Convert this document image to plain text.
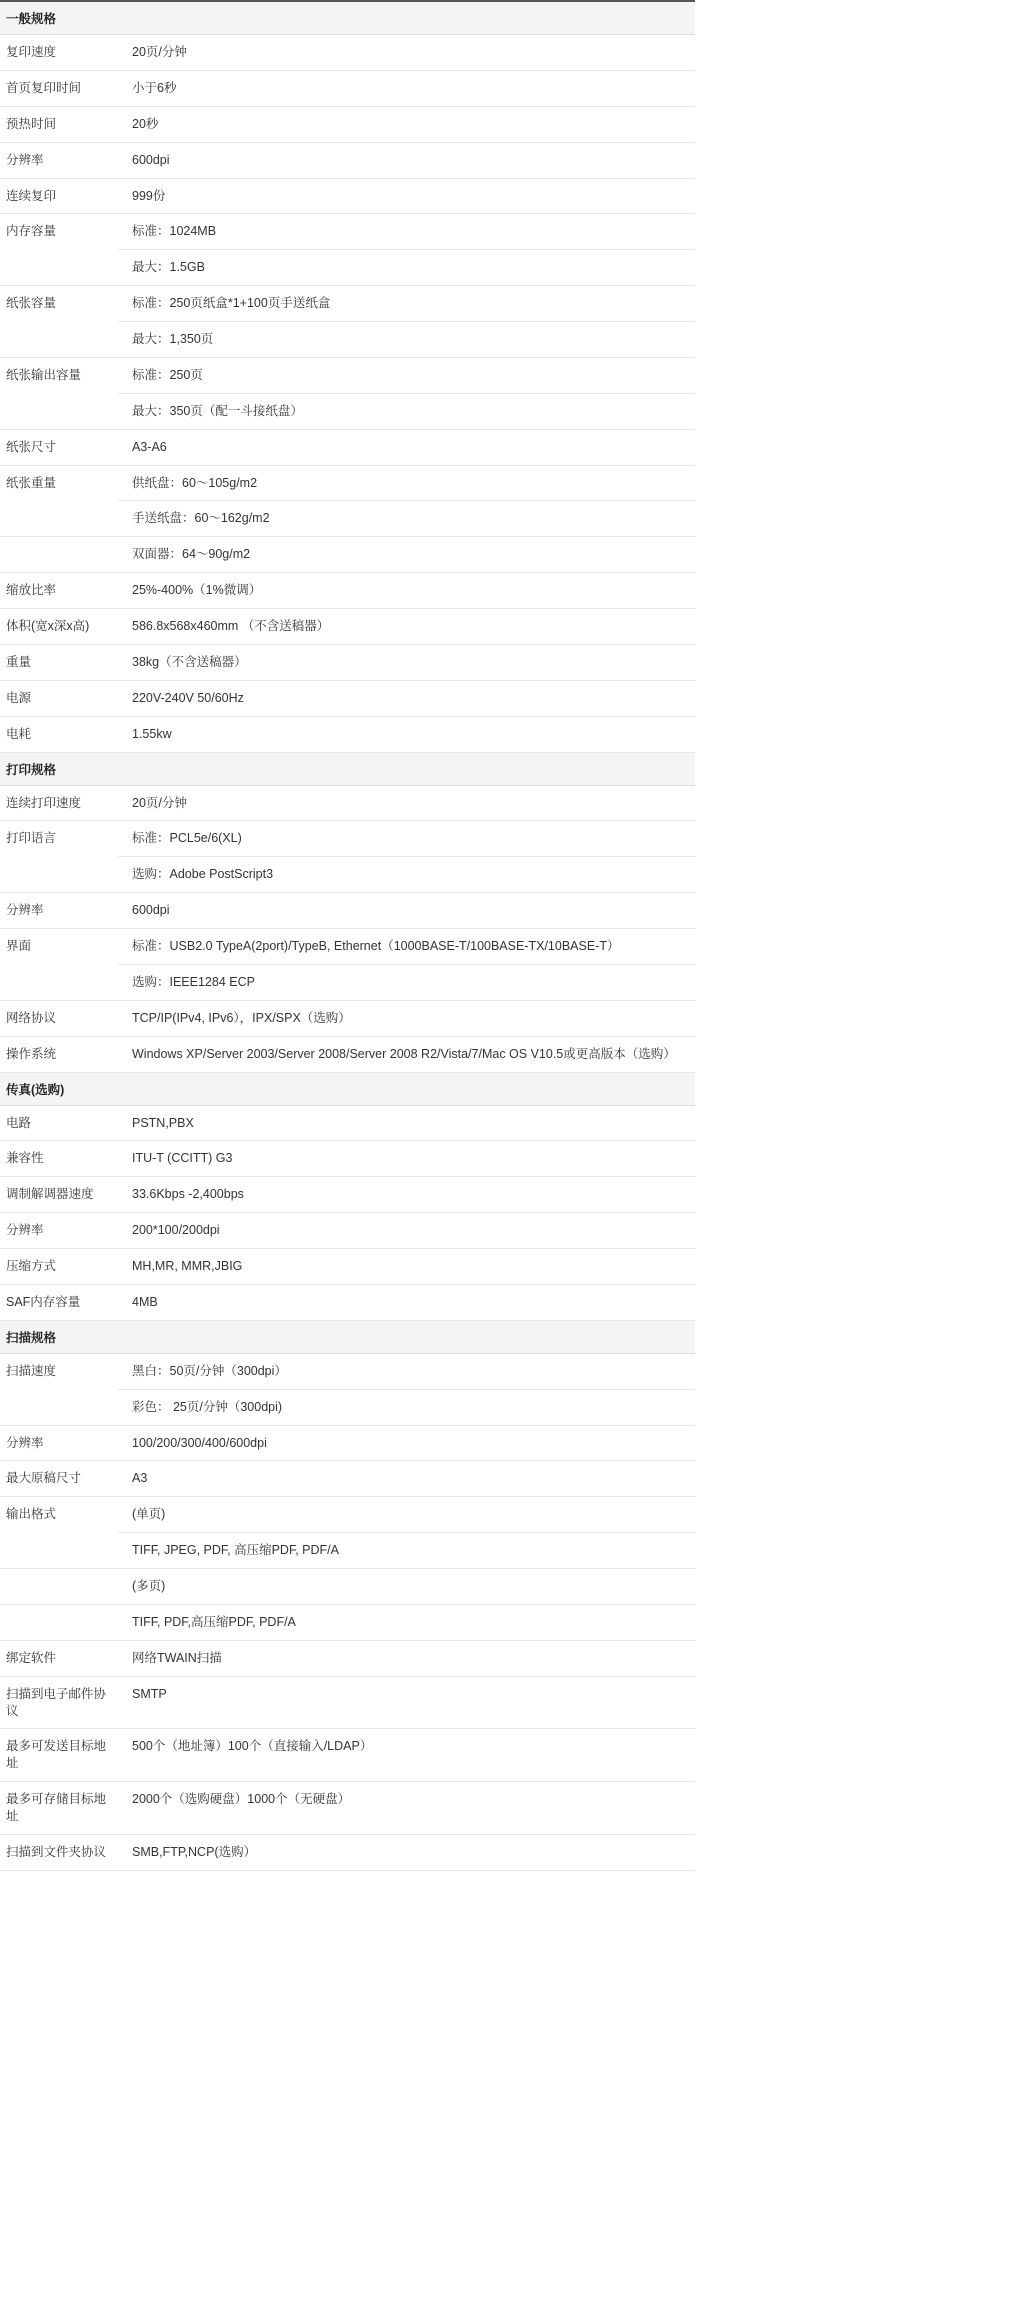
一般规格	
复印速度	20页/分钟
首页复印时间	小于6秒
预热时间	20秒
分辨率	600dpi
连续复印	999份
内存容量	标准：1024MB
	最大：1.5GB
纸张容量	标准：250页纸盒*1+100页手送纸盒
	最大：1,350页
纸张输出容量	标准：250页
	最大：350页（配一斗接纸盘）
纸张尺寸	A3-A6
纸张重量	供纸盘：60～105g/m2
	手送纸盘：60～162g/m2
	双面器：64～90g/m2
缩放比率	25%-400%（1%微调）
体积(宽x深x高)	586.8x568x460mm （不含送稿器）
重量	38kg（不含送稿器）
电源	220V-240V 50/60Hz
电耗	1.55kw
打印规格	
连续打印速度	20页/分钟
打印语言	标准：PCL5e/6(XL)
	选购：Adobe PostScript3
分辨率	600dpi
界面	标准：USB2.0 TypeA(2port)/TypeB, Ethernet（1000BASE-T/100BASE-TX/10BASE-T）
	选购：IEEE1284 ECP
网络协议	TCP/IP(IPv4, IPv6），IPX/SPX（选购）
操作系统	Windows XP/Server 2003/Server 2008/Server 2008 R2/Vista/7/Mac OS V10.5或更高版本（选购）
传真(选购)	
电路	PSTN,PBX
兼容性	ITU-T (CCITT) G3
调制解调器速度	33.6Kbps -2,400bps
分辨率	200*100/200dpi
压缩方式	MH,MR, MMR,JBIG
SAF内存容量	4MB
扫描规格	
扫描速度	黑白：50页/分钟（300dpi）
	彩色： 25页/分钟（300dpi)
分辨率	100/200/300/400/600dpi
最大原稿尺寸	A3
输出格式	(单页)
	TIFF, JPEG, PDF, 高压缩PDF, PDF/A
	(多页)
	TIFF, PDF,高压缩PDF, PDF/A
绑定软件	网络TWAIN扫描
扫描到电子邮件协议	SMTP
最多可发送目标地址	500个（地址簿）100个（直接输入/LDAP）
最多可存储目标地址	2000个（选购硬盘）1000个（无硬盘）
扫描到文件夹协议	SMB,FTP,NCP(选购）
